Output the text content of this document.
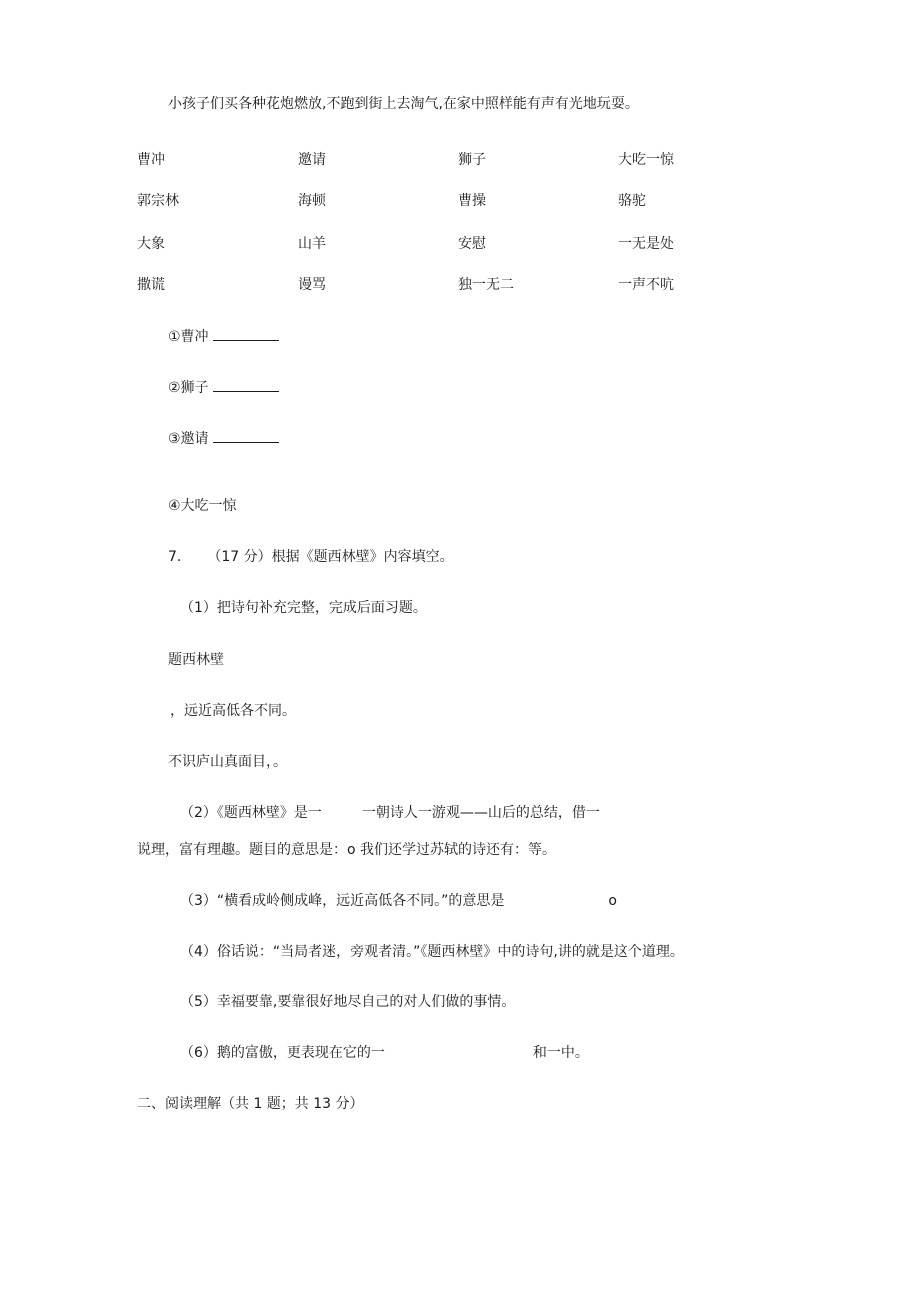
小孩子们买各种花炮燃放,不跑到街上去淘气,在家中照样能有声有光地玩耍。
曹冲	邀请	狮子	大吃一惊
郭宗林	海顿	曹操	骆驼
大象	山羊	安慰	一无是处
撒谎	谩骂	独一无二	一声不吭
①曹冲
②狮子
③邀请
④大吃一惊
7. （17 分）根据《题西林壁》内容填空。
（1）把诗句补充完整，完成后面习题。
题西林壁
，远近高低各不同。
不识庐山真面目，。
（2）《题西林壁》是一	一朝诗人一游观——山后的总结，借一
说理，富有理趣。题目的意思是：o 我们还学过苏轼的诗还有：等。
（3）“横看成岭侧成峰，远近高低各不同。”的意思是	o
（4）俗话说：“当局者迷，旁观者清。”《题西林壁》中的诗句,讲的就是这个道理。
（5）幸福要靠,要靠很好地尽自己的对人们做的事情。
（6）鹅的富傲，更表现在它的一	和一中。
二、阅读理解（共 1 题；共 13 分）
